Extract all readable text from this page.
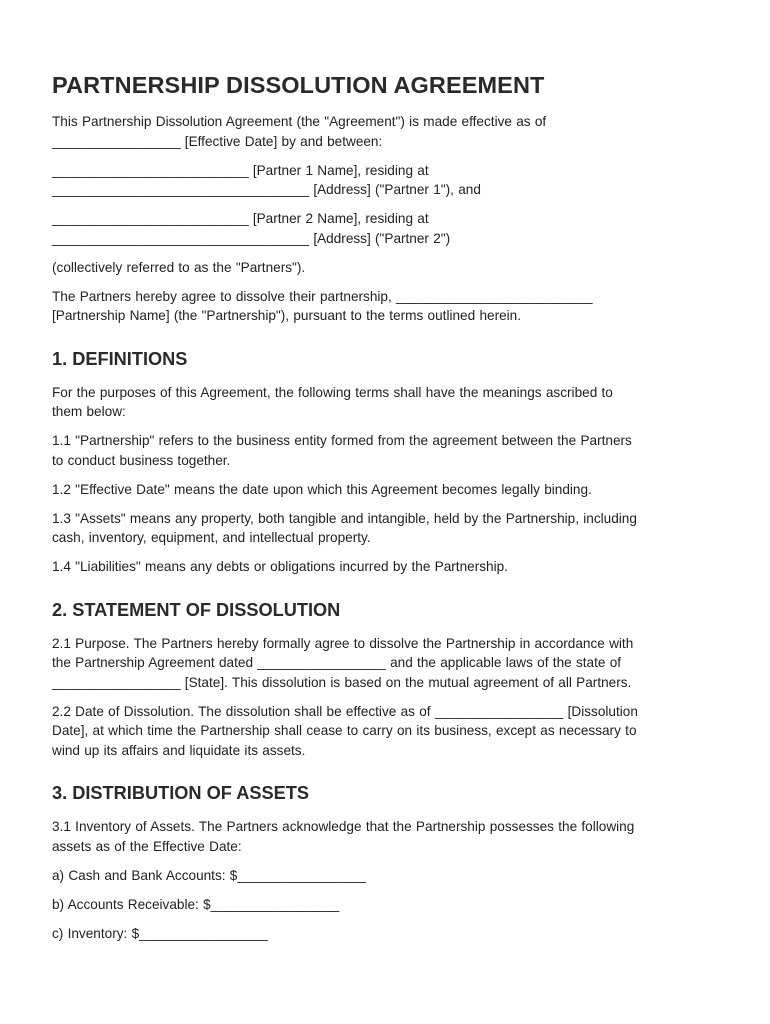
PARTNERSHIP DISSOLUTION AGREEMENT

This Partnership Dissolution Agreement (the "Agreement") is made effective as of
_________________ [Effective Date] by and between:

__________________________ [Partner 1 Name], residing at
__________________________________ [Address] ("Partner 1"), and

__________________________ [Partner 2 Name], residing at
__________________________________ [Address] ("Partner 2")

(collectively referred to as the "Partners").

The Partners hereby agree to dissolve their partnership, __________________________
[Partnership Name] (the "Partnership"), pursuant to the terms outlined herein.

1. DEFINITIONS

For the purposes of this Agreement, the following terms shall have the meanings ascribed to
them below:

1.1 "Partnership" refers to the business entity formed from the agreement between the Partners
to conduct business together.

1.2 "Effective Date" means the date upon which this Agreement becomes legally binding.

1.3 "Assets" means any property, both tangible and intangible, held by the Partnership, including
cash, inventory, equipment, and intellectual property.

1.4 "Liabilities" means any debts or obligations incurred by the Partnership.

2. STATEMENT OF DISSOLUTION

2.1 Purpose. The Partners hereby formally agree to dissolve the Partnership in accordance with
the Partnership Agreement dated _________________ and the applicable laws of the state of
_________________ [State]. This dissolution is based on the mutual agreement of all Partners.

2.2 Date of Dissolution. The dissolution shall be effective as of _________________ [Dissolution
Date], at which time the Partnership shall cease to carry on its business, except as necessary to
wind up its affairs and liquidate its assets.

3. DISTRIBUTION OF ASSETS

3.1 Inventory of Assets. The Partners acknowledge that the Partnership possesses the following
assets as of the Effective Date:

a) Cash and Bank Accounts: $_________________

b) Accounts Receivable: $_________________

c) Inventory: $_________________
